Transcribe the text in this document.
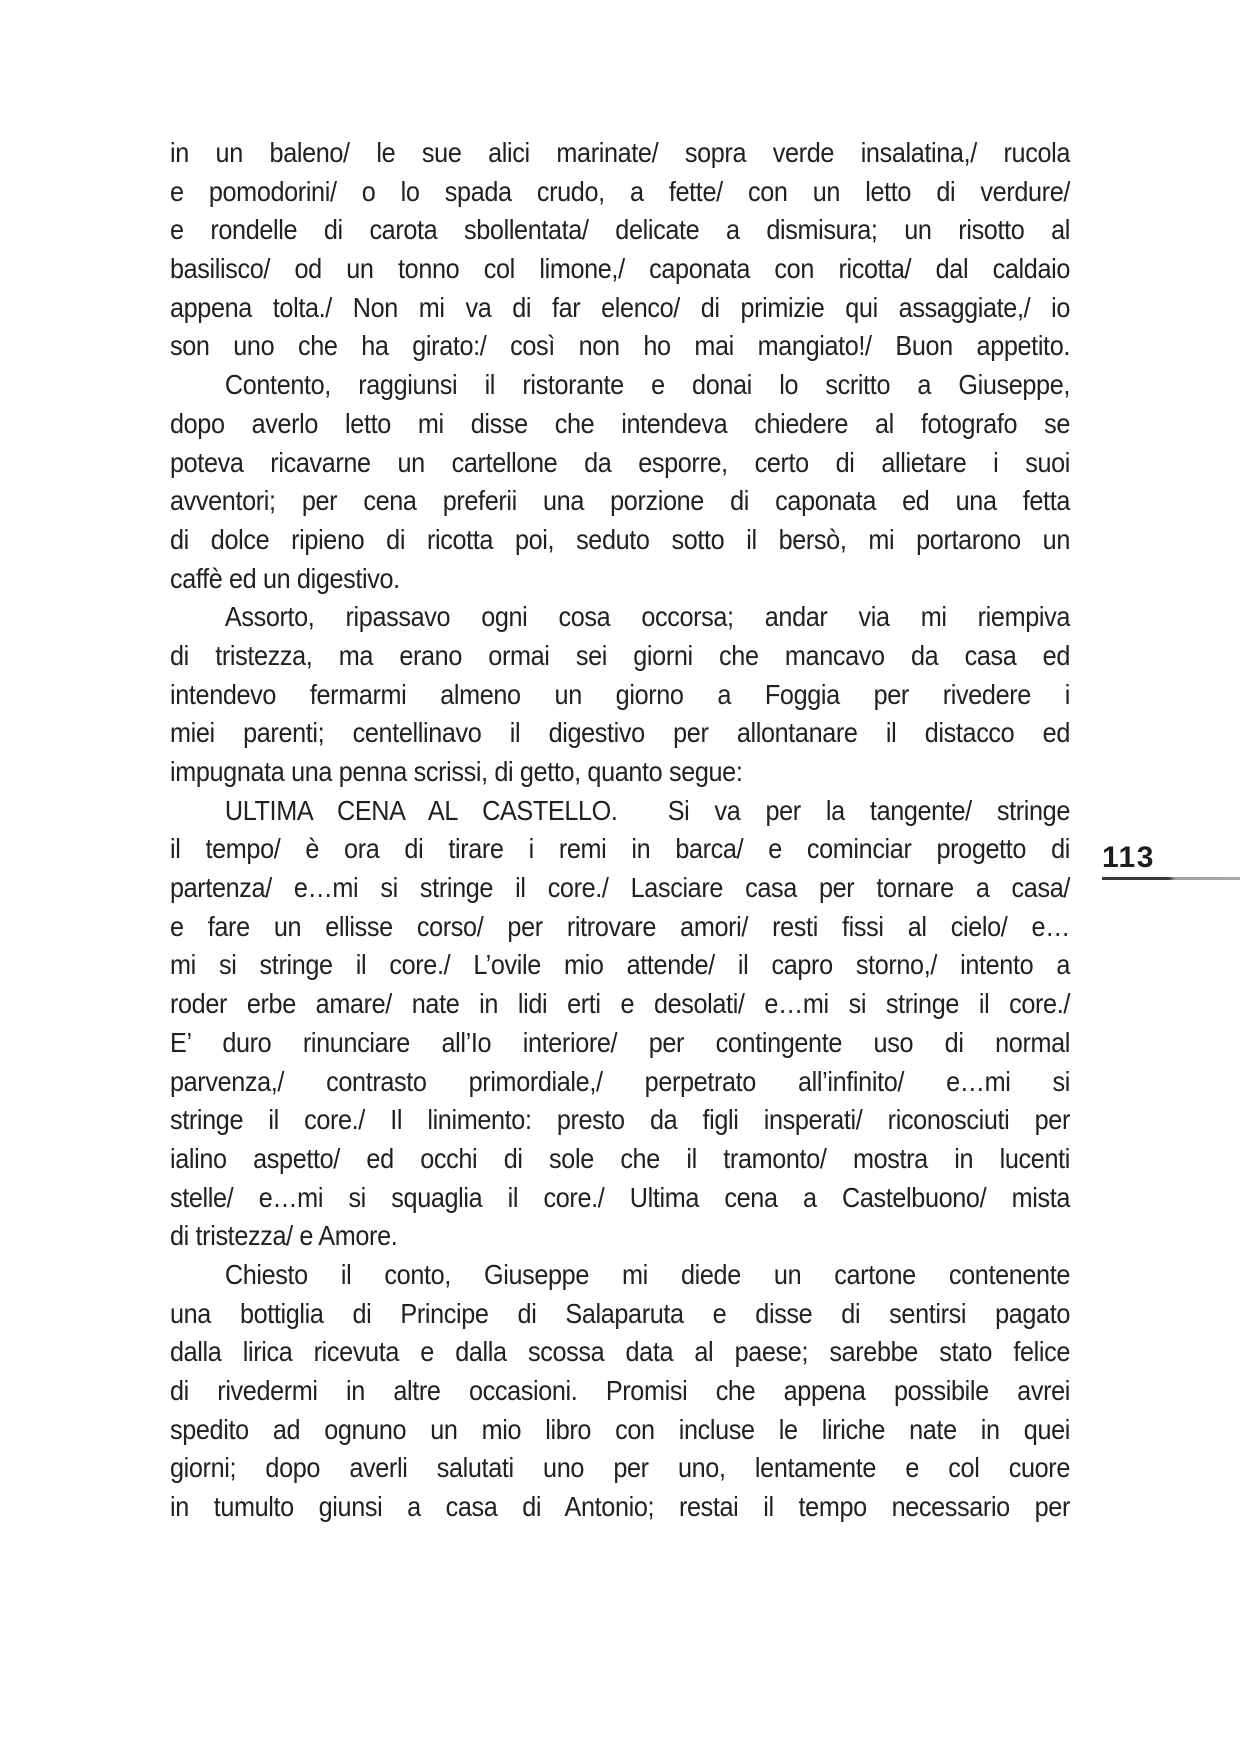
in un baleno/ le sue alici marinate/ sopra verde insalatina,/ rucola
e pomodorini/ o lo spada crudo, a fette/ con un letto di verdure/
e rondelle di carota sbollentata/ delicate a dismisura; un risotto al
basilisco/ od un tonno col limone,/ caponata con ricotta/ dal caldaio
appena tolta./ Non mi va di far elenco/ di primizie qui assaggiate,/ io
son uno che ha girato:/ così non ho mai mangiato!/ Buon appetito.
Contento, raggiunsi il ristorante e donai lo scritto a Giuseppe,
dopo averlo letto mi disse che intendeva chiedere al fotografo se
poteva ricavarne un cartellone da esporre, certo di allietare i suoi
avventori; per cena preferii una porzione di caponata ed una fetta
di dolce ripieno di ricotta poi, seduto sotto il bersò, mi portarono un
caffè ed un digestivo.
Assorto, ripassavo ogni cosa occorsa; andar via mi riempiva
di tristezza, ma erano ormai sei giorni che mancavo da casa ed
intendevo fermarmi almeno un giorno a Foggia per rivedere i
miei parenti; centellinavo il digestivo per allontanare il distacco ed
impugnata una penna scrissi, di getto, quanto segue:
ULTIMA CENA AL CASTELLO.  Si va per la tangente/ stringe
il tempo/ è ora di tirare i remi in barca/ e cominciar progetto di
partenza/ e…mi si stringe il core./ Lasciare casa per tornare a casa/
e fare un ellisse corso/ per ritrovare amori/ resti fissi al cielo/ e…
mi si stringe il core./ L’ovile mio attende/ il capro storno,/ intento a
roder erbe amare/ nate in lidi erti e desolati/ e…mi si stringe il core./
E’ duro rinunciare all’Io interiore/ per contingente uso di normal
parvenza,/ contrasto primordiale,/ perpetrato all’infinito/ e…mi si
stringe il core./ Il linimento: presto da figli insperati/ riconosciuti per
ialino aspetto/ ed occhi di sole che il tramonto/ mostra in lucenti
stelle/ e…mi si squaglia il core./ Ultima cena a Castelbuono/ mista
di tristezza/ e Amore.
Chiesto il conto, Giuseppe mi diede un cartone contenente
una bottiglia di Principe di Salaparuta e disse di sentirsi pagato
dalla lirica ricevuta e dalla scossa data al paese; sarebbe stato felice
di rivedermi in altre occasioni. Promisi che appena possibile avrei
spedito ad ognuno un mio libro con incluse le liriche nate in quei
giorni; dopo averli salutati uno per uno, lentamente e col cuore
in tumulto giunsi a casa di Antonio; restai il tempo necessario per
113
